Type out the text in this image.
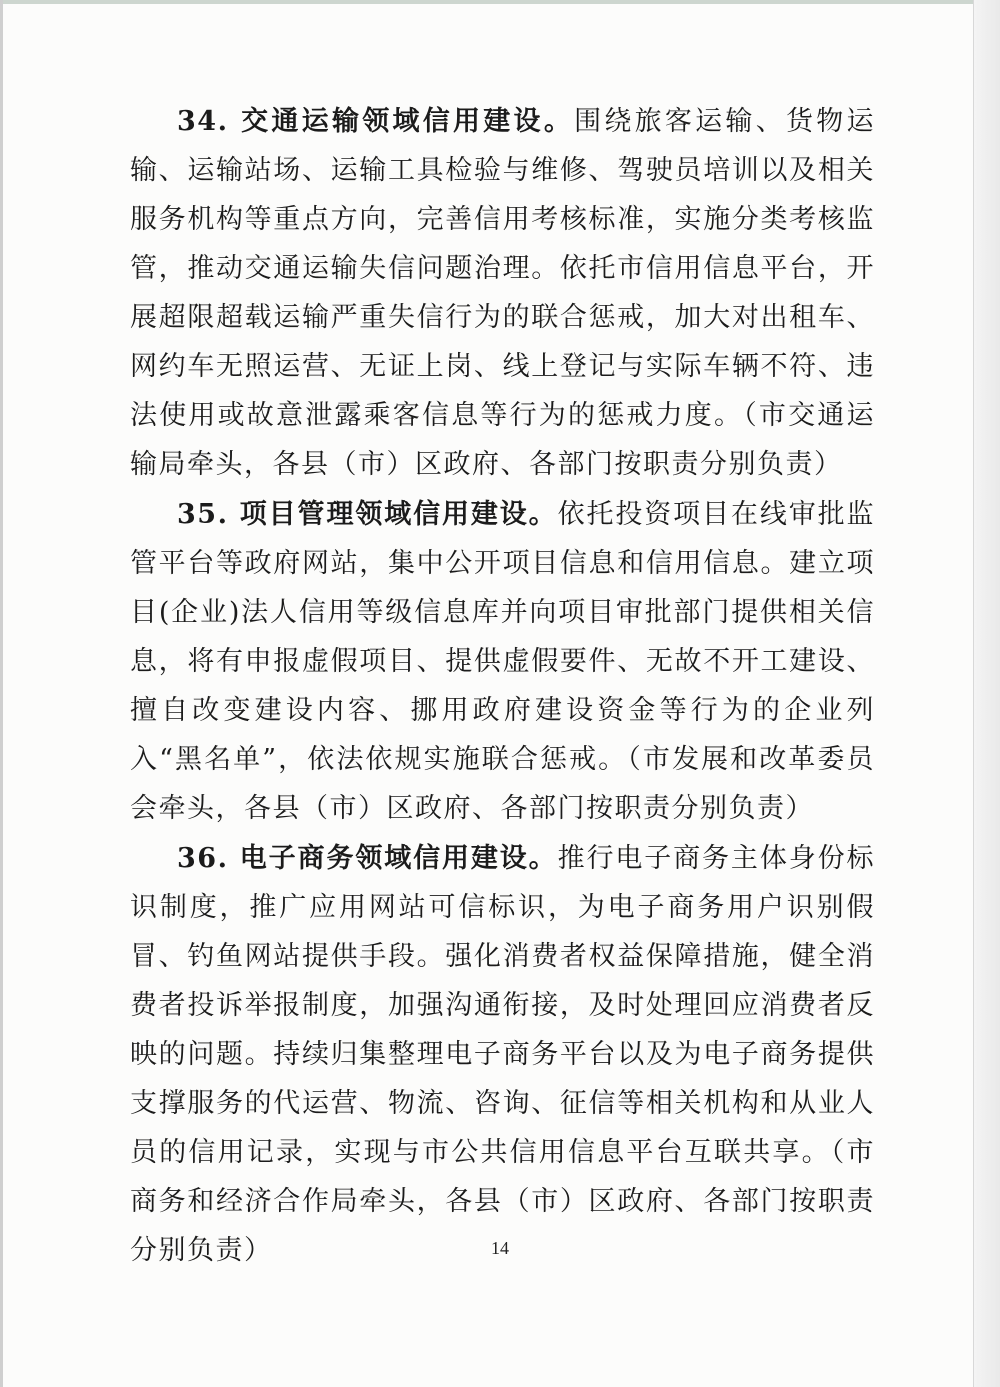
34. 交通运输领域信用建设。围绕旅客运输、货物运输、运输站场、运输工具检验与维修、驾驶员培训以及相关服务机构等重点方向，完善信用考核标准，实施分类考核监管，推动交通运输失信问题治理。依托市信用信息平台，开展超限超载运输严重失信行为的联合惩戒，加大对出租车、网约车无照运营、无证上岗、线上登记与实际车辆不符、违法使用或故意泄露乘客信息等行为的惩戒力度。（市交通运输局牵头，各县（市）区政府、各部门按职责分别负责）
35. 项目管理领域信用建设。依托投资项目在线审批监管平台等政府网站，集中公开项目信息和信用信息。建立项目(企业)法人信用等级信息库并向项目审批部门提供相关信息，将有申报虚假项目、提供虚假要件、无故不开工建设、擅自改变建设内容、挪用政府建设资金等行为的企业列入“黑名单”，依法依规实施联合惩戒。（市发展和改革委员会牵头，各县（市）区政府、各部门按职责分别负责）
36. 电子商务领域信用建设。推行电子商务主体身份标识制度，推广应用网站可信标识，为电子商务用户识别假冒、钓鱼网站提供手段。强化消费者权益保障措施，健全消费者投诉举报制度，加强沟通衔接，及时处理回应消费者反映的问题。持续归集整理电子商务平台以及为电子商务提供支撑服务的代运营、物流、咨询、征信等相关机构和从业人员的信用记录，实现与市公共信用信息平台互联共享。（市商务和经济合作局牵头，各县（市）区政府、各部门按职责分别负责）	14
